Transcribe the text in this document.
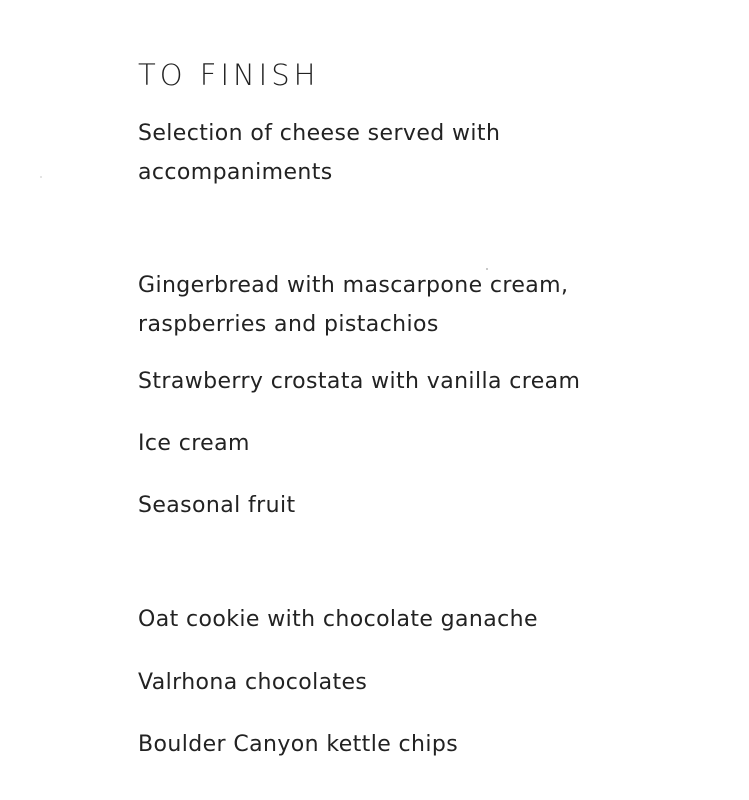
TO FINISH

Selection of cheese served with
accompaniments

Gingerbread with mascarpone cream,
raspberries and pistachios

Strawberry crostata with vanilla cream

Ice cream

Seasonal fruit

Oat cookie with chocolate ganache

Valrhona chocolates

Boulder Canyon kettle chips
